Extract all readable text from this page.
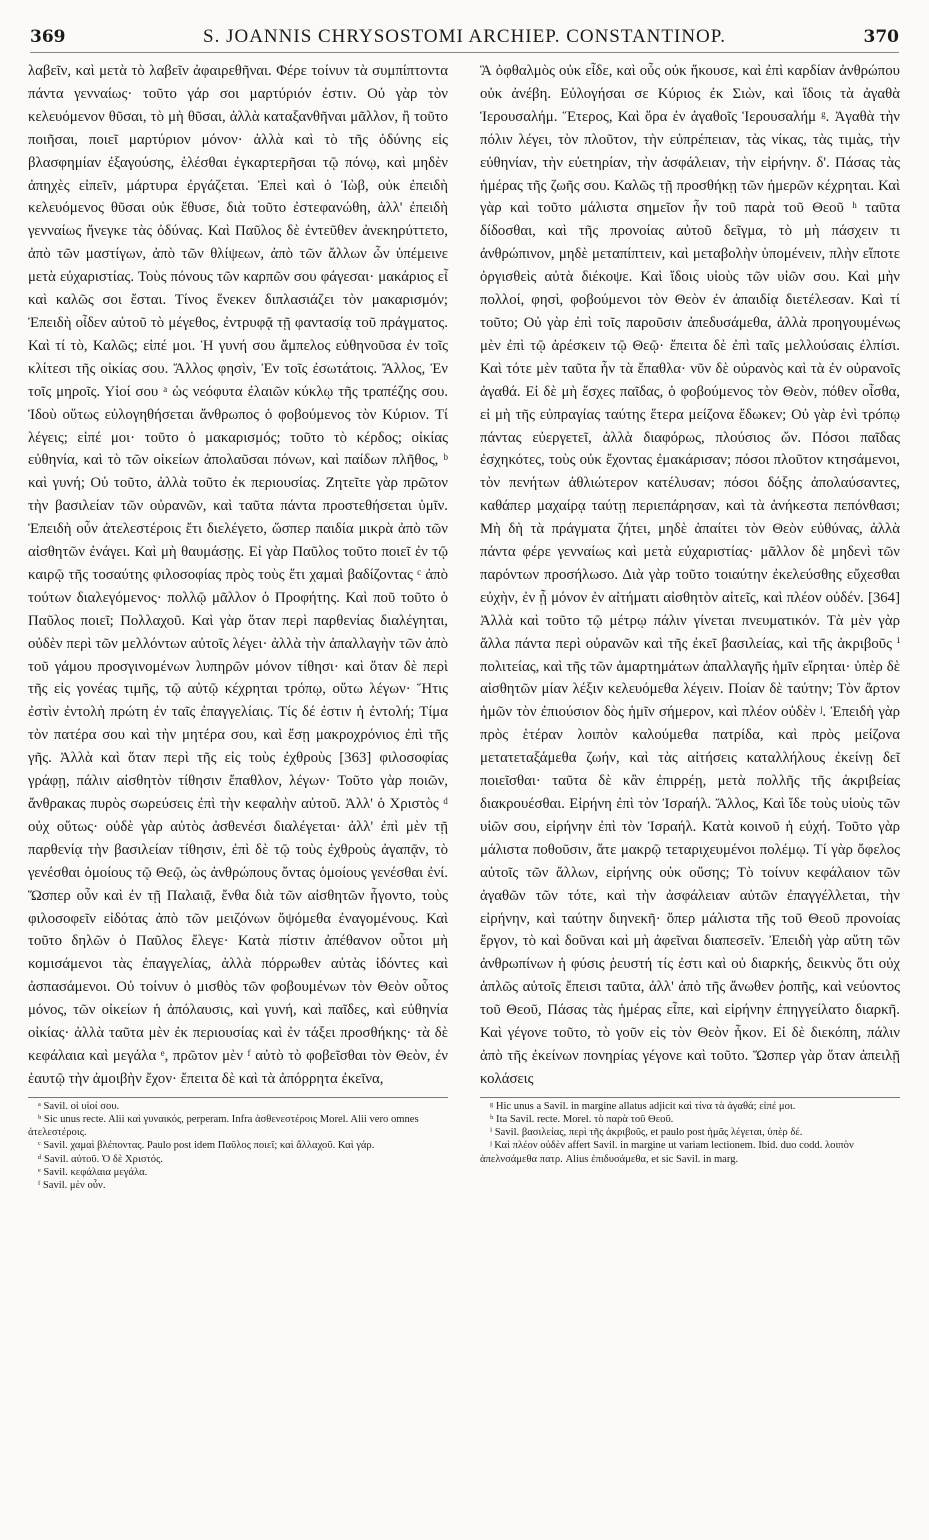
369	S. JOANNIS CHRYSOSTOMI ARCHIEP. CONSTANTINOP.	370
λαβεῖν, καὶ μετὰ τὸ λαβεῖν ἀφαιρεθῆναι. Φέρε τοίνυν τὰ συμπίπτοντα πάντα γενναίως· τοῦτο γάρ σοι μαρτύριόν ἐστιν. Οὐ γὰρ τὸν κελευόμενον θῦσαι, τὸ μὴ θῦσαι, ἀλλὰ καταξανθῆναι μᾶλλον, ἢ τοῦτο ποιῆσαι, ποιεῖ μαρτύριον μόνον· ἀλλὰ καὶ τὸ τῆς ὀδύνης εἰς βλασφημίαν ἐξαγούσης, ἑλέσθαι ἐγκαρτερῆσαι τῷ πόνῳ, καὶ μηδὲν ἀπηχὲς εἰπεῖν, μάρτυρα ἐργάζεται. Ἐπεὶ καὶ ὁ Ἰὼβ, οὐκ ἐπειδὴ κελευόμενος θῦσαι οὐκ ἔθυσε, διὰ τοῦτο ἐστεφανώθη, ἀλλ' ἐπειδὴ γενναίως ἤνεγκε τὰς ὀδύνας. Καὶ Παῦλος δὲ ἐντεῦθεν ἀνεκηρύττετο, ἀπὸ τῶν μαστίγων, ἀπὸ τῶν θλίψεων, ἀπὸ τῶν ἄλλων ὧν ὑπέμεινε μετὰ εὐχαριστίας. Τοὺς πόνους τῶν καρπῶν σου φάγεσαι· μακάριος εἶ καὶ καλῶς σοι ἔσται. Τίνος ἕνεκεν διπλασιάζει τὸν μακαρισμόν; Ἐπειδὴ οἶδεν αὐτοῦ τὸ μέγεθος, ἐντρυφᾷ τῇ φαντασίᾳ τοῦ πράγματος. Καὶ τί τὸ, Καλῶς; εἰπέ μοι. Ἡ γυνή σου ἄμπελος εὐθηνοῦσα ἐν τοῖς κλίτεσι τῆς οἰκίας σου. Ἄλλος φησὶν, Ἐν τοῖς ἐσωτάτοις. Ἄλλος, Ἐν τοῖς μηροῖς. Υἱοί σου ᵃ ὡς νεόφυτα ἐλαιῶν κύκλῳ τῆς τραπέζης σου. Ἰδοὺ οὕτως εὐλογηθήσεται ἄνθρωπος ὁ φοβούμενος τὸν Κύριον. Τί λέγεις; εἰπέ μοι· τοῦτο ὁ μακαρισμός; τοῦτο τὸ κέρδος; οἰκίας εὐθηνία, καὶ τὸ τῶν οἰκείων ἀπολαῦσαι πόνων, καὶ παίδων πλῆθος, ᵇ καὶ γυνή; Οὐ τοῦτο, ἀλλὰ τοῦτο ἐκ περιουσίας. Ζητεῖτε γὰρ πρῶτον τὴν βασιλείαν τῶν οὐρανῶν, καὶ ταῦτα πάντα προστεθήσεται ὑμῖν. Ἐπειδὴ οὖν ἀτελεστέροις ἔτι διελέγετο, ὥσπερ παιδία μικρὰ ἀπὸ τῶν αἰσθητῶν ἐνάγει. Καὶ μὴ θαυμάσῃς. Εἰ γὰρ Παῦλος τοῦτο ποιεῖ ἐν τῷ καιρῷ τῆς τοσαύτης φιλοσοφίας πρὸς τοὺς ἔτι χαμαὶ βαδίζοντας ᶜ ἀπὸ τούτων διαλεγόμενος· πολλῷ μᾶλλον ὁ Προφήτης. Καὶ ποῦ τοῦτο ὁ Παῦλος ποιεῖ; Πολλαχοῦ. Καὶ γὰρ ὅταν περὶ παρθενίας διαλέγηται, οὐδὲν περὶ τῶν μελλόντων αὐτοῖς λέγει· ἀλλὰ τὴν ἀπαλλαγὴν τῶν ἀπὸ τοῦ γάμου προσγινομένων λυπηρῶν μόνον τίθησι· καὶ ὅταν δὲ περὶ τῆς εἰς γονέας τιμῆς, τῷ αὐτῷ κέχρηται τρόπῳ, οὕτω λέγων· Ἥτις ἐστὶν ἐντολὴ πρώτη ἐν ταῖς ἐπαγγελίαις. Τίς δέ ἐστιν ἡ ἐντολή; Τίμα τὸν πατέρα σου καὶ τὴν μητέρα σου, καὶ ἔσῃ μακροχρόνιος ἐπὶ τῆς γῆς. Ἀλλὰ καὶ ὅταν περὶ τῆς εἰς τοὺς ἐχθροὺς [363] φιλοσοφίας γράφῃ, πάλιν αἰσθητὸν τίθησιν ἔπαθλον, λέγων· Τοῦτο γὰρ ποιῶν, ἄνθρακας πυρὸς σωρεύσεις ἐπὶ τὴν κεφαλὴν αὐτοῦ. Ἀλλ' ὁ Χριστὸς ᵈ οὐχ οὕτως· οὐδὲ γὰρ αὐτὸς ἀσθενέσι διαλέγεται· ἀλλ' ἐπὶ μὲν τῇ παρθενίᾳ τὴν βασιλείαν τίθησιν, ἐπὶ δὲ τῷ τοὺς ἐχθροὺς ἀγαπᾷν, τὸ γενέσθαι ὁμοίους τῷ Θεῷ, ὡς ἀνθρώπους ὄντας ὁμοίους γενέσθαι ἐνί. Ὥσπερ οὖν καὶ ἐν τῇ Παλαιᾷ, ἔνθα διὰ τῶν αἰσθητῶν ἦγοντο, τοὺς φιλοσοφεῖν εἰδότας ἀπὸ τῶν μειζόνων ὄψόμεθα ἐναγομένους. Καὶ τοῦτο δηλῶν ὁ Παῦλος ἔλεγε· Κατὰ πίστιν ἀπέθανον οὗτοι μὴ κομισάμενοι τὰς ἐπαγγελίας, ἀλλὰ πόρρωθεν αὐτὰς ἰδόντες καὶ ἀσπασάμενοι. Οὐ τοίνυν ὁ μισθὸς τῶν φοβουμένων τὸν Θεὸν οὗτος μόνος, τῶν οἰκείων ἡ ἀπόλαυσις, καὶ γυνή, καὶ παῖδες, καὶ εὐθηνία οἰκίας· ἀλλὰ ταῦτα μὲν ἐκ περιουσίας καὶ ἐν τάξει προσθήκης· τὰ δὲ κεφάλαια καὶ μεγάλα ᵉ, πρῶτον μὲν ᶠ αὐτὸ τὸ φοβεῖσθαι τὸν Θεὸν, ἐν ἑαυτῷ τὴν ἀμοιβὴν ἔχον· ἔπειτα δὲ καὶ τὰ ἀπόρρητα ἐκεῖνα,

ᵃ Savil. οἱ υἱοί σου.

ᵇ Sic unus recte. Alii καὶ γυναικός, perperam. Infra ἀσθενεστέροις Morel. Alii vero omnes ἀτελεστέροις.

ᶜ Savil. χαμαὶ βλέποντας. Paulo post idem Παῦλος ποιεῖ; καὶ ἄλλαχοῦ. Καὶ γάρ.

ᵈ Savil. αὐτοῦ. Ὁ δὲ Χριστός.

ᵉ Savil. κεφάλαια μεγάλα.

ᶠ Savil. μὲν οὖν.

Ἃ ὀφθαλμὸς οὐκ εἶδε, καὶ οὖς οὐκ ἤκουσε, καὶ ἐπὶ καρδίαν ἀνθρώπου οὐκ ἀνέβη. Εὐλογήσαι σε Κύριος ἐκ Σιὼν, καὶ ἴδοις τὰ ἀγαθὰ Ἱερουσαλήμ. Ἕτερος, Καὶ ὅρα ἐν ἀγαθοῖς Ἱερουσαλήμ ᵍ. Ἀγαθὰ τὴν πόλιν λέγει, τὸν πλοῦτον, τὴν εὐπρέπειαν, τὰς νίκας, τὰς τιμὰς, τὴν εὐθηνίαν, τὴν εὐετηρίαν, τὴν ἀσφάλειαν, τὴν εἰρήνην. δ'. Πάσας τὰς ἡμέρας τῆς ζωῆς σου. Καλῶς τῇ προσθήκῃ τῶν ἡμερῶν κέχρηται. Καὶ γὰρ καὶ τοῦτο μάλιστα σημεῖον ἦν τοῦ παρὰ τοῦ Θεοῦ ʰ ταῦτα δίδοσθαι, καὶ τῆς προνοίας αὐτοῦ δεῖγμα, τὸ μὴ πάσχειν τι ἀνθρώπινον, μηδὲ μεταπίπτειν, καὶ μεταβολὴν ὑπομένειν, πλὴν εἴποτε ὀργισθεὶς αὐτὰ διέκοψε. Καὶ ἴδοις υἱοὺς τῶν υἱῶν σου. Καὶ μὴν πολλοί, φησὶ, φοβούμενοι τὸν Θεὸν ἐν ἀπαιδίᾳ διετέλεσαν. Καὶ τί τοῦτο; Οὐ γὰρ ἐπὶ τοῖς παροῦσιν ἀπεδυσάμεθα, ἀλλὰ προηγουμένως μὲν ἐπὶ τῷ ἀρέσκειν τῷ Θεῷ· ἔπειτα δὲ ἐπὶ ταῖς μελλούσαις ἐλπίσι. Καὶ τότε μὲν ταῦτα ἦν τὰ ἔπαθλα· νῦν δὲ οὐρανὸς καὶ τὰ ἐν οὐρανοῖς ἀγαθά. Εἰ δὲ μὴ ἔσχες παῖδας, ὁ φοβούμενος τὸν Θεὸν, πόθεν οἶσθα, εἰ μὴ τῆς εὐπραγίας ταύτης ἕτερα μείζονα ἔδωκεν; Οὐ γὰρ ἑνὶ τρόπῳ πάντας εὐεργετεῖ, ἀλλὰ διαφόρως, πλούσιος ὤν. Πόσοι παῖδας ἐσχηκότες, τοὺς οὐκ ἔχοντας ἐμακάρισαν; πόσοι πλοῦτον κτησάμενοι, τὸν πενήτων ἀθλιώτερον κατέλυσαν; πόσοι δόξης ἀπολαύσαντες, καθάπερ μαχαίρᾳ ταύτῃ περιεπάρησαν, καὶ τὰ ἀνήκεστα πεπόνθασι; Μὴ δὴ τὰ πράγματα ζήτει, μηδὲ ἀπαίτει τὸν Θεὸν εὐθύνας, ἀλλὰ πάντα φέρε γενναίως καὶ μετὰ εὐχαριστίας· μᾶλλον δὲ μηδενὶ τῶν παρόντων προσήλωσο. Διὰ γὰρ τοῦτο τοιαύτην ἐκελεύσθης εὔχεσθαι εὐχὴν, ἐν ᾗ μόνον ἐν αἰτήματι αἰσθητὸν αἰτεῖς, καὶ πλέον οὐδέν. [364] Ἀλλὰ καὶ τοῦτο τῷ μέτρῳ πάλιν γίνεται πνευματικόν. Τὰ μὲν γὰρ ἄλλα πάντα περὶ οὐρανῶν καὶ τῆς ἐκεῖ βασιλείας, καὶ τῆς ἀκριβοῦς ⁱ πολιτείας, καὶ τῆς τῶν ἁμαρτημάτων ἀπαλλαγῆς ἡμῖν εἴρηται· ὑπὲρ δὲ αἰσθητῶν μίαν λέξιν κελευόμεθα λέγειν. Ποίαν δὲ ταύτην; Τὸν ἄρτον ἡμῶν τὸν ἐπιούσιον δὸς ἡμῖν σήμερον, καὶ πλέον οὐδὲν ʲ. Ἐπειδὴ γὰρ πρὸς ἑτέραν λοιπὸν καλούμεθα πατρίδα, καὶ πρὸς μείζονα μετατεταξάμεθα ζωήν, καὶ τὰς αἰτήσεις καταλλήλους ἐκείνῃ δεῖ ποιεῖσθαι· ταῦτα δὲ κἂν ἐπιρρέῃ, μετὰ πολλῆς τῆς ἀκριβείας διακρουέσθαι. Εἰρήνη ἐπὶ τὸν Ἰσραήλ. Ἄλλος, Καὶ ἴδε τοὺς υἱοὺς τῶν υἱῶν σου, εἰρήνην ἐπὶ τὸν Ἰσραήλ. Κατὰ κοινοῦ ἡ εὐχή. Τοῦτο γὰρ μάλιστα ποθοῦσιν, ἅτε μακρῷ τεταριχευμένοι πολέμῳ. Τί γὰρ ὄφελος αὐτοῖς τῶν ἄλλων, εἰρήνης οὐκ οὔσης; Τὸ τοίνυν κεφάλαιον τῶν ἀγαθῶν τῶν τότε, καὶ τὴν ἀσφάλειαν αὐτῶν ἐπαγγέλλεται, τὴν εἰρήνην, καὶ ταύτην διηνεκῆ· ὅπερ μάλιστα τῆς τοῦ Θεοῦ προνοίας ἔργον, τὸ καὶ δοῦναι καὶ μὴ ἀφεῖναι διαπεσεῖν. Ἐπειδὴ γὰρ αὕτη τῶν ἀνθρωπίνων ἡ φύσις ῥευστή τίς ἐστι καὶ οὐ διαρκής, δεικνὺς ὅτι οὐχ ἁπλῶς αὐτοῖς ἔπεισι ταῦτα, ἀλλ' ἀπὸ τῆς ἄνωθεν ῥοπῆς, καὶ νεύοντος τοῦ Θεοῦ, Πάσας τὰς ἡμέρας εἶπε, καὶ εἰρήνην ἐπηγγείλατο διαρκῆ. Καὶ γέγονε τοῦτο, τὸ γοῦν εἰς τὸν Θεὸν ἧκον. Εἰ δὲ διεκόπη, πάλιν ἀπὸ τῆς ἐκείνων πονηρίας γέγονε καὶ τοῦτο. Ὥσπερ γὰρ ὅταν ἀπειλῇ κολάσεις

ᵍ Hic unus a Savil. in margine allatus adjicit καὶ τίνα τὰ ἀγαθά; εἰπέ μοι.

ʰ Ita Savil. recte. Morel. τὸ παρὰ τοῦ Θεοῦ.

ⁱ Savil. βασιλείας, περὶ τῆς ἀκριβοῦς, et paulo post ἡμᾶς λέγεται, ὑπὲρ δέ.

ʲ Καὶ πλέον οὐδὲν affert Savil. in margine ut variam lectionem. Ibid. duo codd. λοιπὸν ἀπελνσάμεθα πατρ. Alius ἐπιδυσάμεθα, et sic Savil. in marg.
